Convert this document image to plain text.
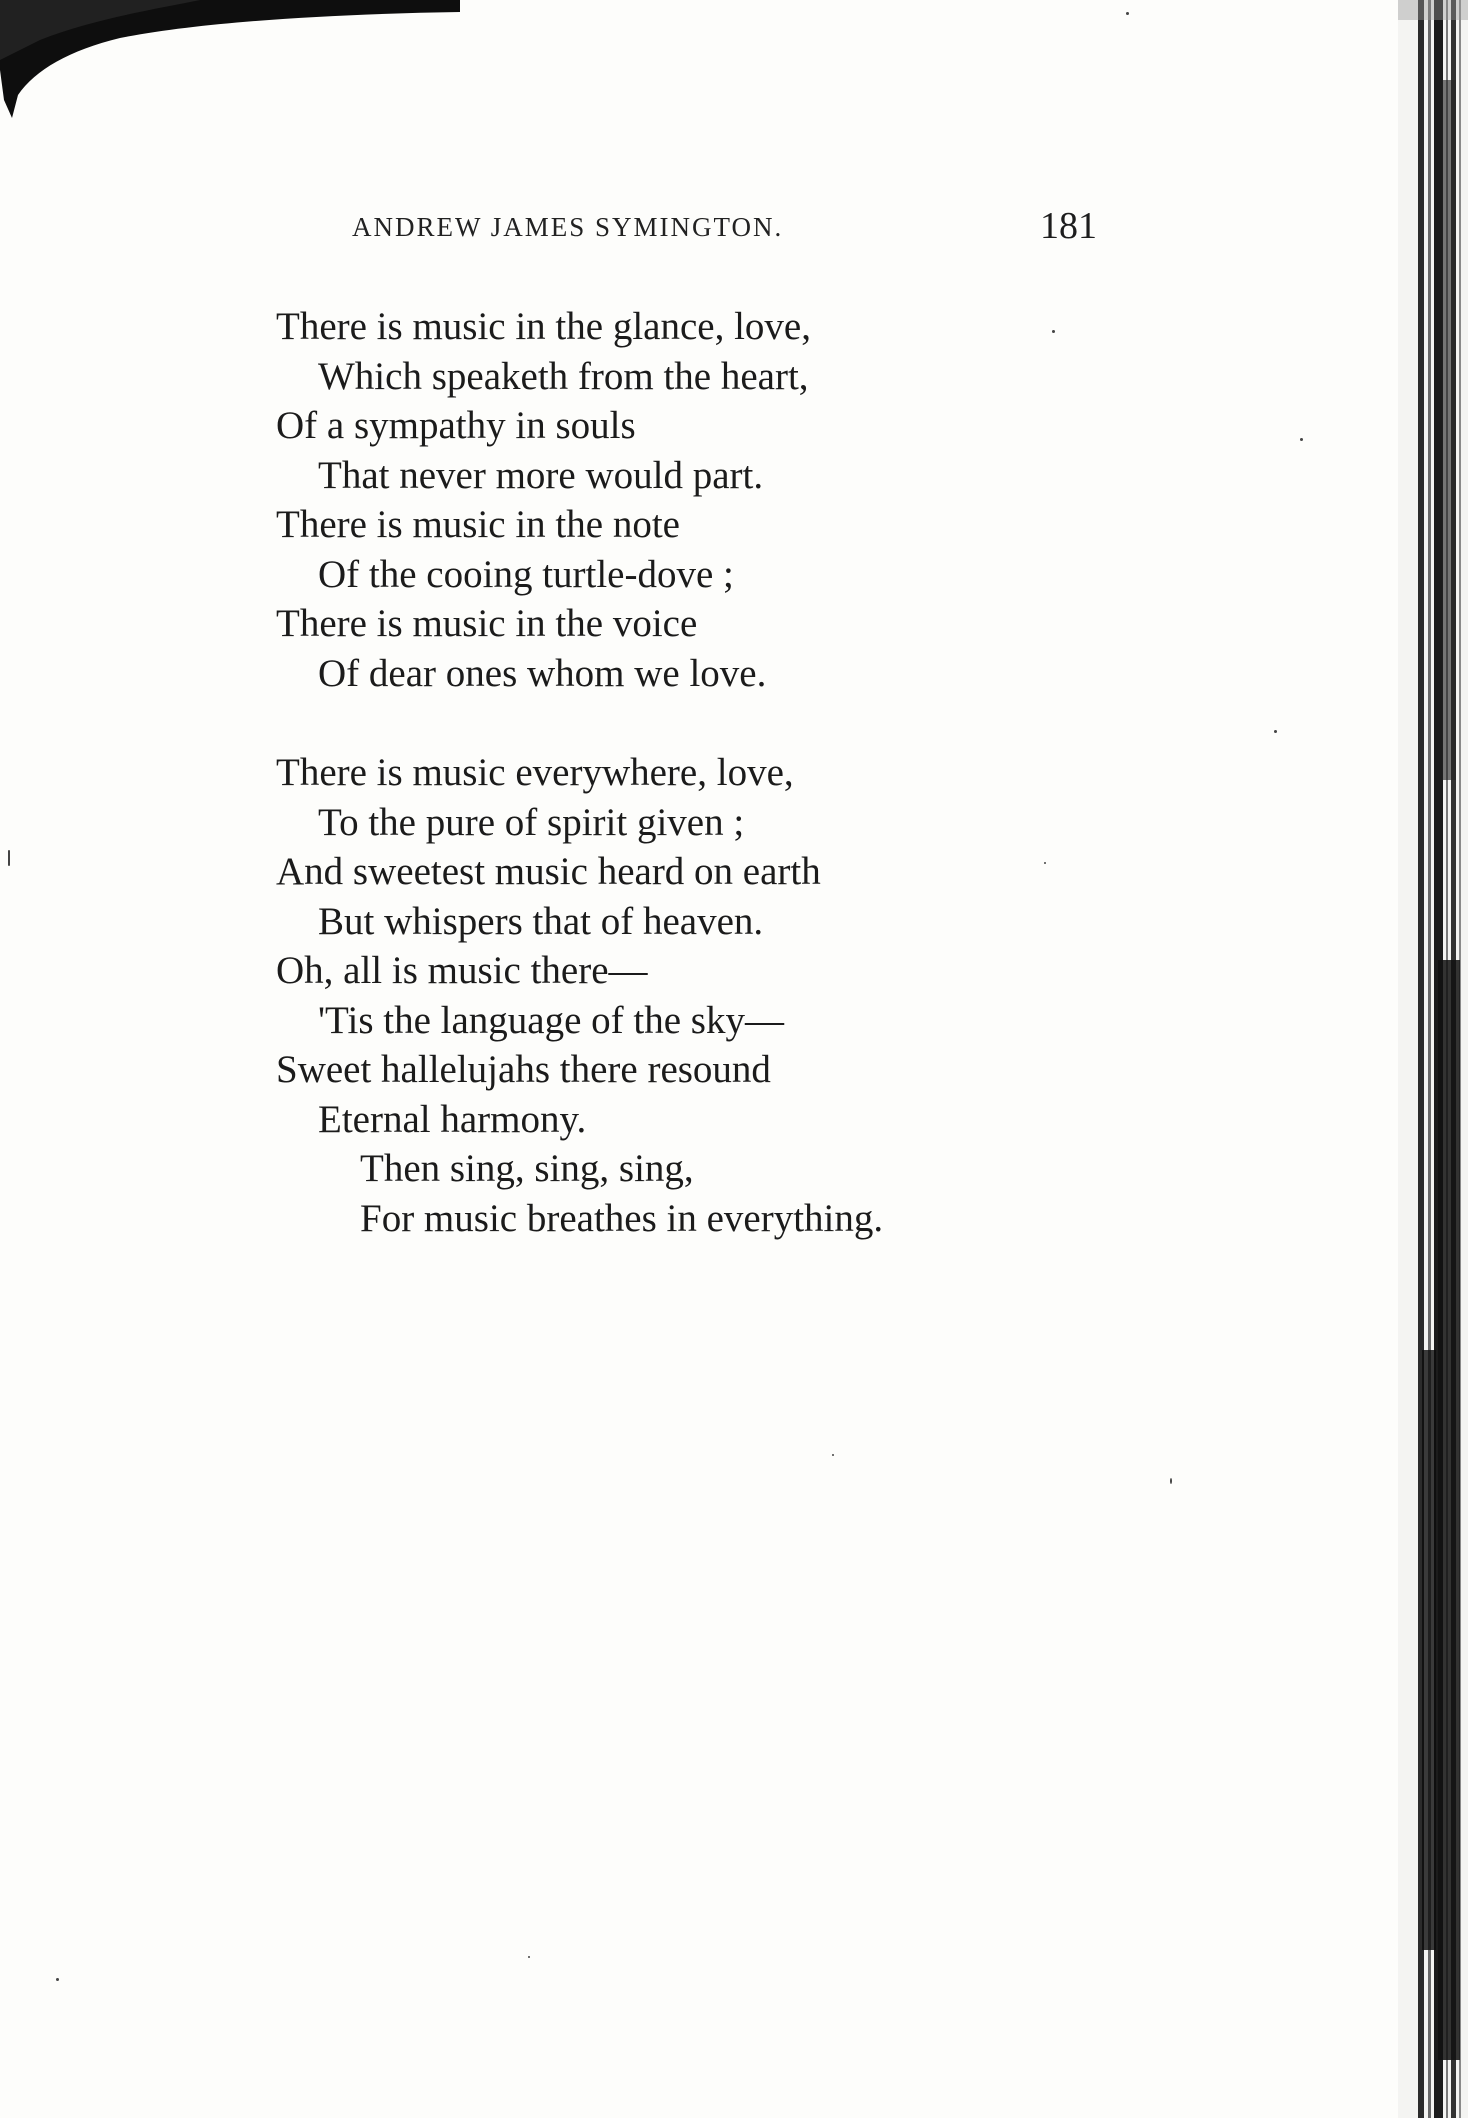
ANDREW JAMES SYMINGTON.	181
There is music in the glance, love,
Which speaketh from the heart,
Of a sympathy in souls
That never more would part.
There is music in the note
Of the cooing turtle-dove ;
There is music in the voice
Of dear ones whom we love.
There is music everywhere, love,
To the pure of spirit given ;
And sweetest music heard on earth
But whispers that of heaven.
Oh, all is music there—
'Tis the language of the sky—
Sweet hallelujahs there resound
Eternal harmony.
Then sing, sing, sing,
For music breathes in everything.
